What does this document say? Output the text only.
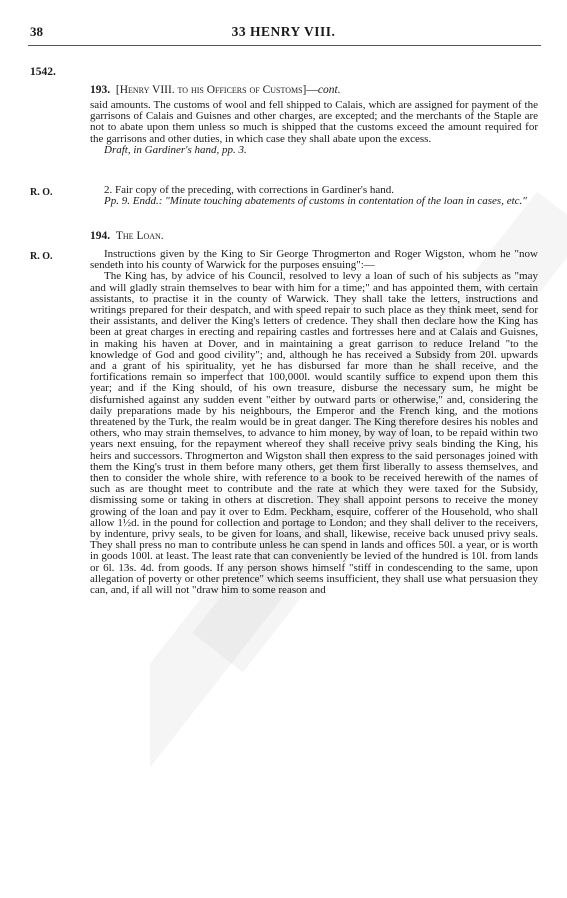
38	33 HENRY VIII.
1542.
193. [Henry VIII. to his Officers of Customs]—cont.

said amounts. The customs of wool and fell shipped to Calais, which are assigned for payment of the garrisons of Calais and Guisnes and other charges, are excepted; and the merchants of the Staple are not to abate upon them unless so much is shipped that the customs exceed the amount required for the garrisons and other duties, in which case they shall abate upon the excess.

Draft, in Gardiner's hand, pp. 3.

R. O.	2. Fair copy of the preceding, with corrections in Gardiner's hand.

Pp. 9. Endd.: "Minute touching abatements of customs in contentation of the loan in cases, etc."

194. The Loan.
R. O.	Instructions given by the King to Sir George Throgmerton and Roger Wigston, whom he "now sendeth into his county of Warwick for the purposes ensuing":—

The King has, by advice of his Council, resolved to levy a loan of such of his subjects as "may and will gladly strain themselves to bear with him for a time;" and has appointed them, with certain assistants, to practise it in the county of Warwick. They shall take the letters, instructions and writings prepared for their despatch, and with speed repair to such place as they think meet, send for their assistants, and deliver the King's letters of credence. They shall then declare how the King has been at great charges in erecting and repairing castles and fortresses here and at Calais and Guisnes, in making his haven at Dover, and in maintaining a great garrison to reduce Ireland "to the knowledge of God and good civility"; and, although he has received a Subsidy from 20l. upwards and a grant of his spirituality, yet he has disbursed far more than he shall receive, and the fortifications remain so imperfect that 100,000l. would scantily suffice to expend upon them this year; and if the King should, of his own treasure, disburse the necessary sum, he might be disfurnished against any sudden event "either by outward parts or otherwise," and, considering the daily preparations made by his neighbours, the Emperor and the French king, and the motions threatened by the Turk, the realm would be in great danger. The King therefore desires his nobles and others, who may strain themselves, to advance to him money, by way of loan, to be repaid within two years next ensuing, for the repayment whereof they shall receive privy seals binding the King, his heirs and successors. Throgmerton and Wigston shall then express to the said personages joined with them the King's trust in them before many others, get them first liberally to assess themselves, and then to consider the whole shire, with reference to a book to be received herewith of the names of such as are thought meet to contribute and the rate at which they were taxed for the Subsidy, dismissing some or taking in others at discretion. They shall appoint persons to receive the money growing of the loan and pay it over to Edm. Peckham, esquire, cofferer of the Household, who shall allow 1½d. in the pound for collection and portage to London; and they shall deliver to the receivers, by indenture, privy seals, to be given for loans, and shall, likewise, receive back unused privy seals. They shall press no man to contribute unless he can spend in lands and offices 50l. a year, or is worth in goods 100l. at least. The least rate that can conveniently be levied of the hundred is 10l. from lands or 6l. 13s. 4d. from goods. If any person shows himself "stiff in condescending to the same, upon allegation of poverty or other pretence" which seems insufficient, they shall use what persuasion they can, and, if all will not "draw him to some reason and
